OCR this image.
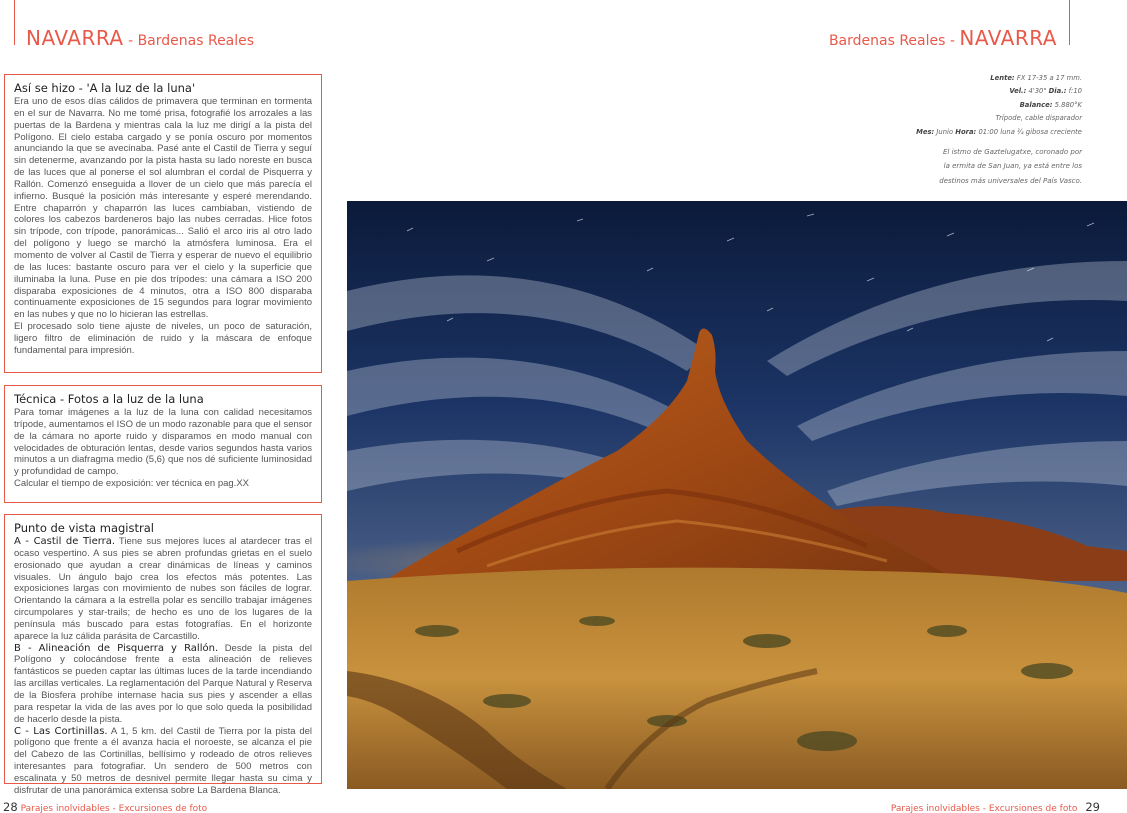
NAVARRA - Bardenas Reales	Bardenas Reales - NAVARRA
Así se hizo - 'A la luz de la luna'

Era uno de esos días cálidos de primavera que terminan en tormenta en el sur de Navarra. No me tomé prisa, fotografié los arrozales a las puertas de la Bardena y mientras cala la luz me dirigí a la pista del Polígono. El cielo estaba cargado y se ponía oscuro por momentos anunciando la que se avecinaba. Pasé ante el Castil de Tierra y seguí sin detenerme, avanzando por la pista hasta su lado noreste en busca de las luces que al ponerse el sol alumbran el cordal de Pisquerra y Rallón. Comenzó enseguida a llover de un cielo que más parecía el infierno. Busqué la posición más interesante y esperé merendando. Entre chaparrón y chaparrón las luces cambiaban, vistiendo de colores los cabezos bardeneros bajo las nubes cerradas. Hice fotos sin trípode, con trípode, panorámicas... Salió el arco iris al otro lado del polígono y luego se marchó la atmósfera luminosa. Era el momento de volver al Castil de Tierra y esperar de nuevo el equilibrio de las luces: bastante oscuro para ver el cielo y la superficie que iluminaba la luna. Puse en pie dos trípodes: una cámara a ISO 200 disparaba exposiciones de 4 minutos, otra a ISO 800 disparaba continuamente exposiciones de 15 segundos para lograr movimiento en las nubes y que no lo hicieran las estrellas.

El procesado solo tiene ajuste de niveles, un poco de saturación, ligero filtro de eliminación de ruido y la máscara de enfoque fundamental para impresión.

Técnica - Fotos a la luz de la luna

Para tomar imágenes a la luz de la luna con calidad necesitamos trípode, aumentamos el ISO de un modo razonable para que el sensor de la cámara no aporte ruido y disparamos en modo manual con velocidades de obturación lentas, desde varios segundos hasta varios minutos a un diafragma medio (5,6) que nos dé suficiente luminosidad y profundidad de campo.

Calcular el tiempo de exposición: ver técnica en pag.XX

Punto de vista magistral

A - Castil de Tierra. Tiene sus mejores luces al atardecer tras el ocaso vespertino. A sus pies se abren profundas grietas en el suelo erosionado que ayudan a crear dinámicas de líneas y caminos visuales. Un ángulo bajo crea los efectos más potentes. Las exposiciones largas con movimiento de nubes son fáciles de lograr. Orientando la cámara a la estrella polar es sencillo trabajar imágenes circumpolares y star-trails; de hecho es uno de los lugares de la península más buscado para estas fotografías. En el horizonte aparece la luz cálida parásita de Carcastillo.

B - Alineación de Pisquerra y Rallón. Desde la pista del Polígono y colocándose frente a esta alineación de relieves fantásticos se pueden captar las últimas luces de la tarde incendiando las arcillas verticales. La reglamentación del Parque Natural y Reserva de la Biosfera prohíbe internase hacia sus pies y ascender a ellas para respetar la vida de las aves por lo que solo queda la posibilidad de hacerlo desde la pista.

C - Las Cortinillas. A 1, 5 km. del Castil de Tierra por la pista del polígono que frente a él avanza hacia el noroeste, se alcanza el pie del Cabezo de las Cortinillas, bellísimo y rodeado de otros relieves interesantes para fotografiar. Un sendero de 500 metros con escalinata y 50 metros de desnivel permite llegar hasta su cima y disfrutar de una panorámica extensa sobre La Bardena Blanca.

Lente: FX 17-35 a 17 mm.
Vel.: 4'30" Dia.: f:10
Balance: 5.880°K
Trípode, cable disparador
Mes: Junio Hora: 01:00 luna ¾ gibosa creciente
El istmo de Gaztelugatxe, coronado por
la ermita de San Juan, ya está entre los
destinos más universales del País Vasco.
28 Parajes inolvidables - Excursiones de foto	Parajes inolvidables - Excursiones de foto 29
